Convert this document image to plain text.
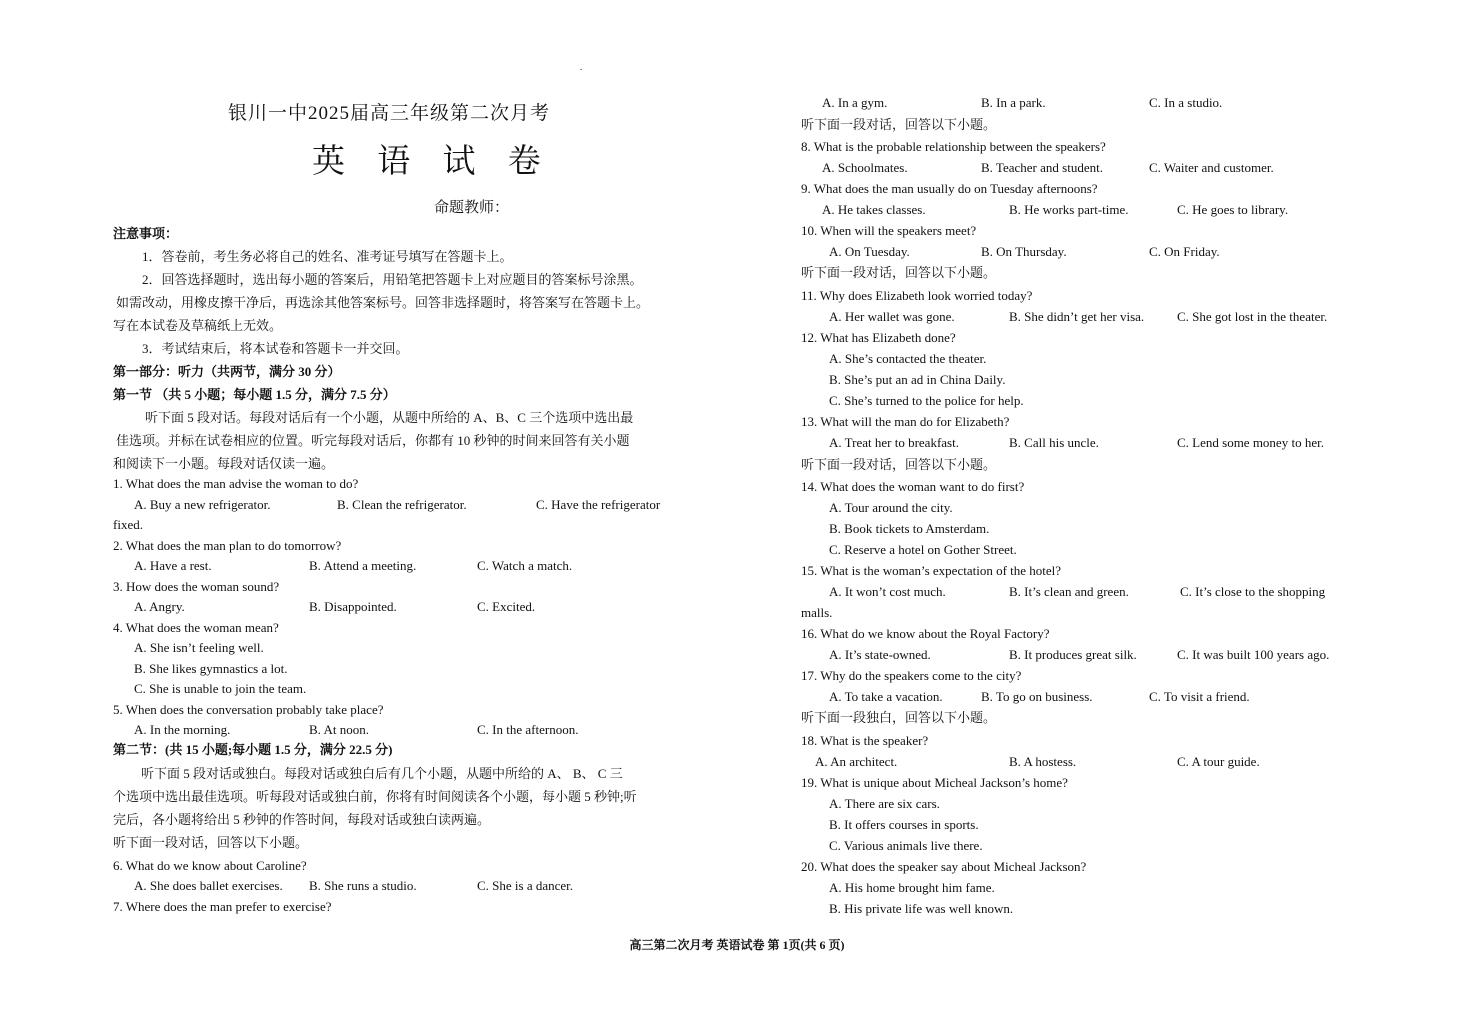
.
银川一中2025届高三年级第二次月考
英 语 试 卷
命题教师：
注意事项：
1．答卷前，考生务必将自己的姓名、准考证号填写在答题卡上。
2．回答选择题时，选出每小题的答案后，用铅笔把答题卡上对应题目的答案标号涂黑。
如需改动，用橡皮擦干净后，再选涂其他答案标号。回答非选择题时，将答案写在答题卡上。
写在本试卷及草稿纸上无效。
3．考试结束后，将本试卷和答题卡一并交回。
第一部分：听力（共两节，满分 30 分）
第一节 （共 5 小题；每小题 1.5 分，满分 7.5 分）
听下面 5 段对话。每段对话后有一个小题，从题中所给的 A、B、C 三个选项中选出最
佳选项。并标在试卷相应的位置。听完每段对话后，你都有 10 秒钟的时间来回答有关小题
和阅读下一小题。每段对话仅读一遍。
1. What does the man advise the woman to do?
A. Buy a new refrigerator.	B. Clean the refrigerator.	C. Have the refrigerator
fixed.
2. What does the man plan to do tomorrow?
A. Have a rest.	B. Attend a meeting.	C. Watch a match.
3. How does the woman sound?
A. Angry.	B. Disappointed.	C. Excited.
4. What does the woman mean?
A. She isn’t feeling well.
B. She likes gymnastics a lot.
C. She is unable to join the team.
5. When does the conversation probably take place?
A. In the morning.	B. At noon.	C. In the afternoon.
第二节：(共 15 小题;每小题 1.5 分，满分 22.5 分)
听下面 5 段对话或独白。每段对话或独白后有几个小题，从题中所给的 A、 B、 C 三
个选项中选出最佳选项。听每段对话或独白前，你将有时间阅读各个小题，每小题 5 秒钟;听
完后，各小题将给出 5 秒钟的作答时间，每段对话或独白读两遍。
听下面一段对话，回答以下小题。
6. What do we know about Caroline?
A. She does ballet exercises. B. She runs a studio.	C. She is a dancer.
7. Where does the man prefer to exercise?
A. In a gym.	B. In a park.	C. In a studio.
听下面一段对话，回答以下小题。
8. What is the probable relationship between the speakers?
A. Schoolmates.	B. Teacher and student.	C. Waiter and customer.
9. What does the man usually do on Tuesday afternoons?
A. He takes classes.	B. He works part-time.	C. He goes to library.
10. When will the speakers meet?
A. On Tuesday.	B. On Thursday.	C. On Friday.
听下面一段对话，回答以下小题。
11. Why does Elizabeth look worried today?
A. Her wallet was gone.	B. She didn’t get her visa.	C. She got lost in the theater.
12. What has Elizabeth done?
A. She’s contacted the theater.
B. She’s put an ad in China Daily.
C. She’s turned to the police for help.
13. What will the man do for Elizabeth?
A. Treat her to breakfast.	B. Call his uncle.	C. Lend some money to her.
听下面一段对话，回答以下小题。
14. What does the woman want to do first?
A. Tour around the city.
B. Book tickets to Amsterdam.
C. Reserve a hotel on Gother Street.
15. What is the woman’s expectation of the hotel?
A. It won’t cost much.	B. It’s clean and green.	C. It’s close to the shopping
malls.
16. What do we know about the Royal Factory?
A. It’s state-owned.	B. It produces great silk.	C. It was built 100 years ago.
17. Why do the speakers come to the city?
A. To take a vacation.	B. To go on business.	C. To visit a friend.
听下面一段独白，回答以下小题。
18. What is the speaker?
A. An architect.	B. A hostess.	C. A tour guide.
19. What is unique about Micheal Jackson’s home?
A. There are six cars.
B. It offers courses in sports.
C. Various animals live there.
20. What does the speaker say about Micheal Jackson?
A. His home brought him fame.
B. His private life was well known.
高三第二次月考 英语试卷 第 1页(共 6 页)
